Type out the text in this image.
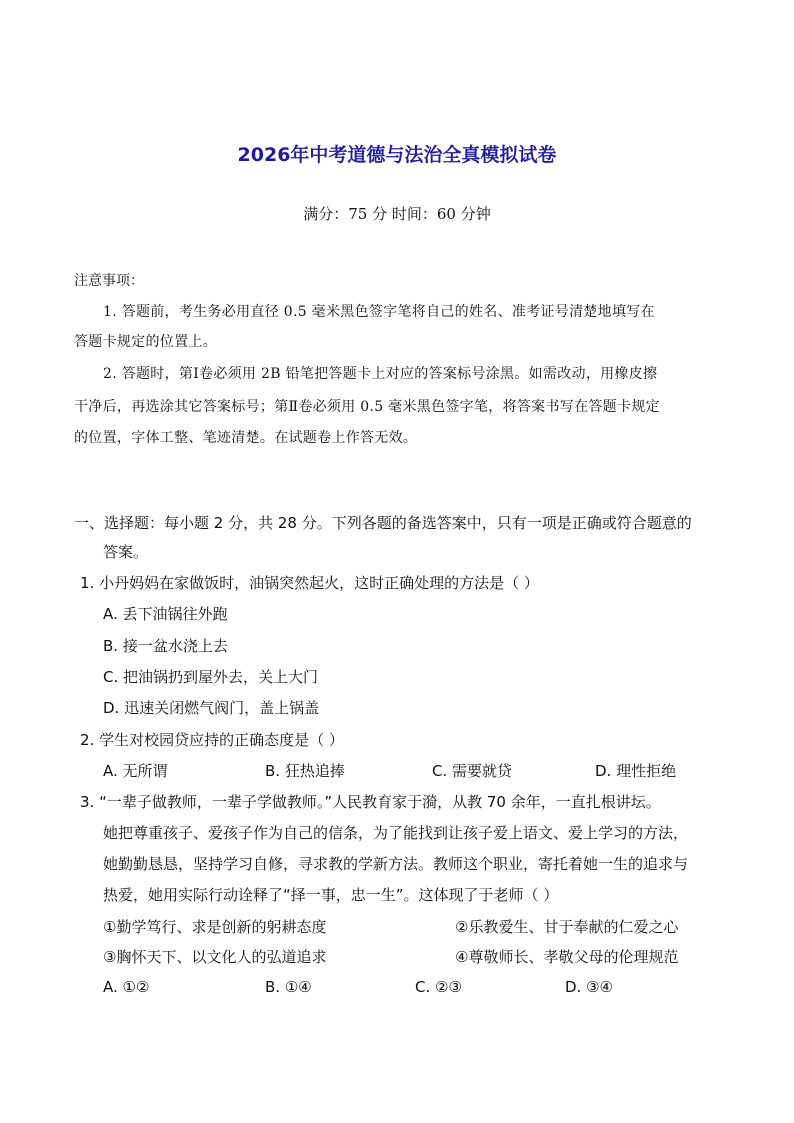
2026年中考道德与法治全真模拟试卷
满分：75 分 时间：60 分钟
注意事项：
1. 答题前，考生务必用直径 0.5 毫米黑色签字笔将自己的姓名、准考证号清楚地填写在
答题卡规定的位置上。
2. 答题时，第Ⅰ卷必须用 2B 铅笔把答题卡上对应的答案标号涂黑。如需改动，用橡皮擦
干净后，再选涂其它答案标号；第Ⅱ卷必须用 0.5 毫米黑色签字笔，将答案书写在答题卡规定
的位置，字体工整、笔迹清楚。在试题卷上作答无效。
一、选择题：每小题 2 分，共 28 分。下列各题的备选答案中，只有一项是正确或符合题意的
答案。
1. 小丹妈妈在家做饭时，油锅突然起火，这时正确处理的方法是（ ）
A. 丢下油锅往外跑
B. 接一盆水浇上去
C. 把油锅扔到屋外去，关上大门
D. 迅速关闭燃气阀门，盖上锅盖
2. 学生对校园贷应持的正确态度是（ ）
A. 无所谓	B. 狂热追捧	C. 需要就贷	D. 理性拒绝
3. “一辈子做教师，一辈子学做教师。”人民教育家于漪，从教 70 余年，一直扎根讲坛。
她把尊重孩子、爱孩子作为自己的信条，为了能找到让孩子爱上语文、爱上学习的方法，
她勤勤恳恳，坚持学习自修，寻求教的学新方法。教师这个职业，寄托着她一生的追求与
热爱，她用实际行动诠释了“择一事，忠一生”。这体现了于老师（ ）
①勤学笃行、求是创新的躬耕态度	②乐教爱生、甘于奉献的仁爱之心
③胸怀天下、以文化人的弘道追求	④尊敬师长、孝敬父母的伦理规范
A. ①②	B. ①④	C. ②③	D. ③④
